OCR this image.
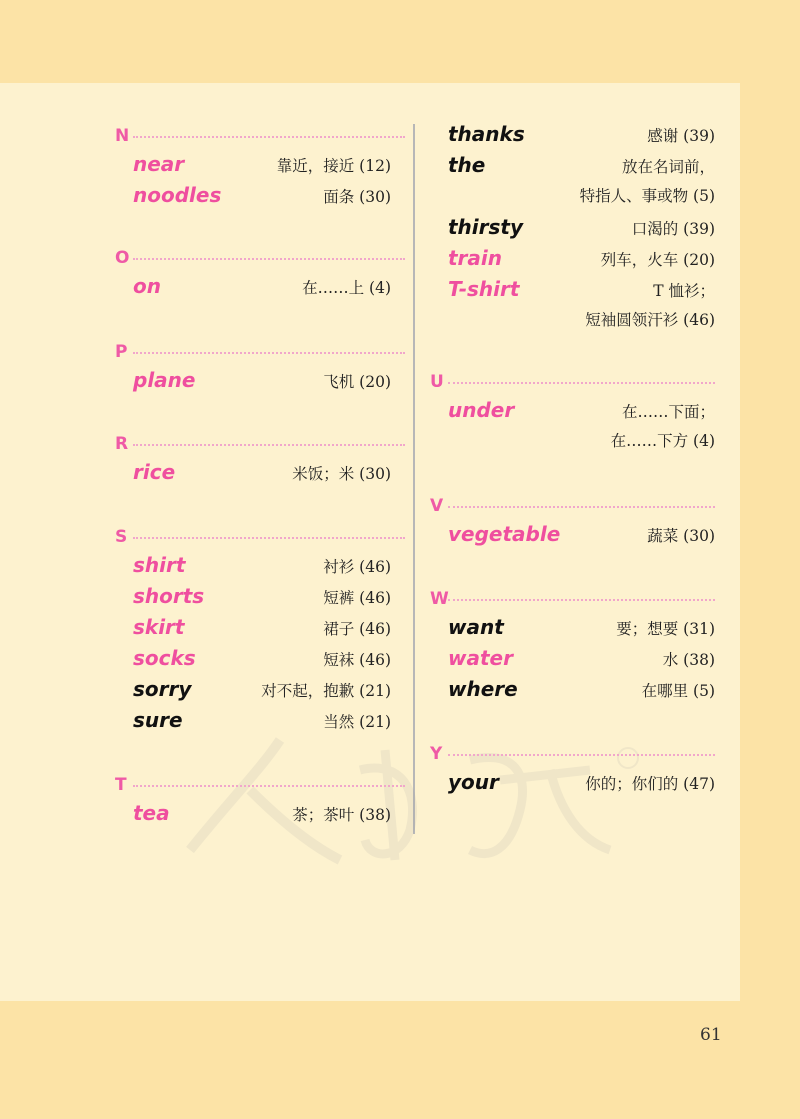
N
near	靠近，接近 (12)
noodles	面条 (30)
O
on	在……上 (4)
P
plane	飞机 (20)
R
rice	米饭；米 (30)
S
shirt	衬衫 (46)
shorts	短裤 (46)
skirt	裙子 (46)
socks	短袜 (46)
sorry	对不起，抱歉 (21)
sure	当然 (21)
T
tea	茶；茶叶 (38)
thanks	感谢 (39)
the	放在名词前，
特指人、事或物 (5)
thirsty	口渴的 (39)
train	列车，火车 (20)
T-shirt	T 恤衫；
短袖圆领汗衫 (46)
U
under	在……下面；
在……下方 (4)
V
vegetable	蔬菜 (30)
W
want	要；想要 (31)
water	水 (38)
where	在哪里 (5)
Y
your	你的；你们的 (47)
61
